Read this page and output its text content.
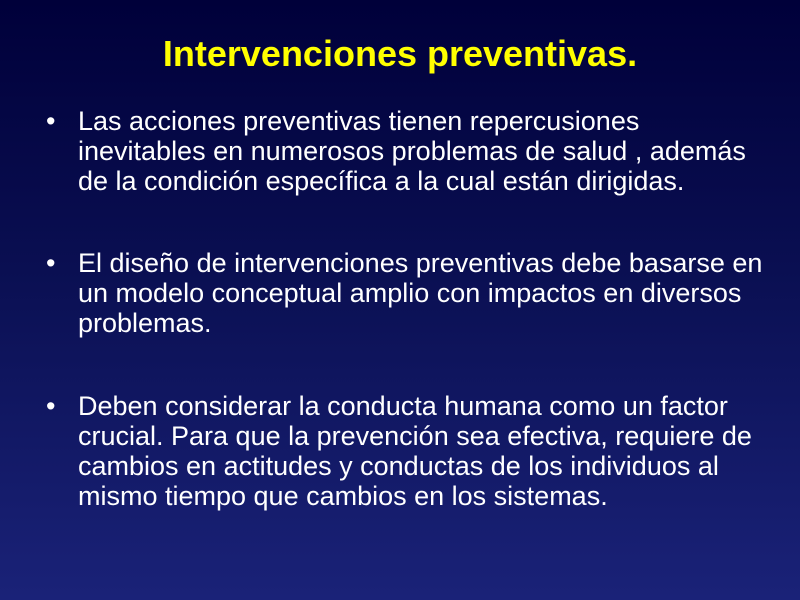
Intervenciones preventivas.
• Las acciones preventivas tienen repercusiones inevitables en numerosos problemas de salud , además de la condición específica a la cual están dirigidas.
• El diseño de intervenciones preventivas debe basarse en un modelo conceptual amplio con impactos en diversos problemas.
• Deben considerar la conducta humana como un factor crucial. Para que la prevención sea efectiva, requiere de cambios en actitudes y conductas de los individuos al mismo tiempo que cambios en los sistemas.
